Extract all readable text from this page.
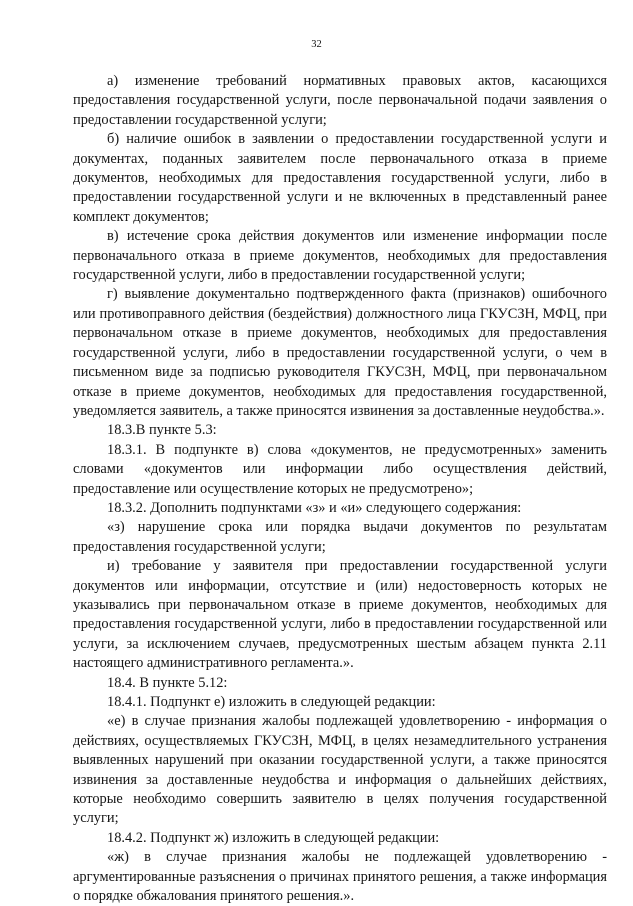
32

а) изменение требований нормативных правовых актов, касающихся предоставления государственной услуги, после первоначальной подачи заявления о предоставлении государственной услуги;

б) наличие ошибок в заявлении о предоставлении государственной услуги и документах, поданных заявителем после первоначального отказа в приеме документов, необходимых для предоставления государственной услуги, либо в предоставлении государственной услуги и не включенных в представленный ранее комплект документов;

в) истечение срока действия документов или изменение информации после первоначального отказа в приеме документов, необходимых для предоставления государственной услуги, либо в предоставлении государственной услуги;

г) выявление документально подтвержденного факта (признаков) ошибочного или противоправного действия (бездействия) должностного лица ГКУСЗН, МФЦ, при первоначальном отказе в приеме документов, необходимых для предоставления государственной услуги, либо в предоставлении государственной услуги, о чем в письменном виде за подписью руководителя ГКУСЗН, МФЦ, при первоначальном отказе в приеме документов, необходимых для предоставления государственной, уведомляется заявитель, а также приносятся извинения за доставленные неудобства.».

18.3.В пункте 5.3:

18.3.1. В подпункте в) слова «документов, не предусмотренных» заменить словами «документов или информации либо осуществления действий, предоставление или осуществление которых не предусмотрено»;

18.3.2. Дополнить подпунктами «з» и «и» следующего содержания:

«з) нарушение срока или порядка выдачи документов по результатам предоставления государственной услуги;

и) требование у заявителя при предоставлении государственной услуги документов или информации, отсутствие и (или) недостоверность которых не указывались при первоначальном отказе в приеме документов, необходимых для предоставления государственной услуги, либо в предоставлении государственной или услуги, за исключением случаев, предусмотренных шестым абзацем пункта 2.11 настоящего административного регламента.».

18.4. В пункте 5.12:

18.4.1. Подпункт е) изложить в следующей редакции:

«е) в случае признания жалобы подлежащей удовлетворению - информация о действиях, осуществляемых ГКУСЗН, МФЦ, в целях незамедлительного устранения выявленных нарушений при оказании государственной услуги, а также приносятся извинения за доставленные неудобства и информация о дальнейших действиях, которые необходимо совершить заявителю в целях получения государственной услуги;

18.4.2. Подпункт ж) изложить в следующей редакции:

«ж) в случае признания жалобы не подлежащей удовлетворению - аргументированные разъяснения о причинах принятого решения, а также информация о порядке обжалования принятого решения.».
